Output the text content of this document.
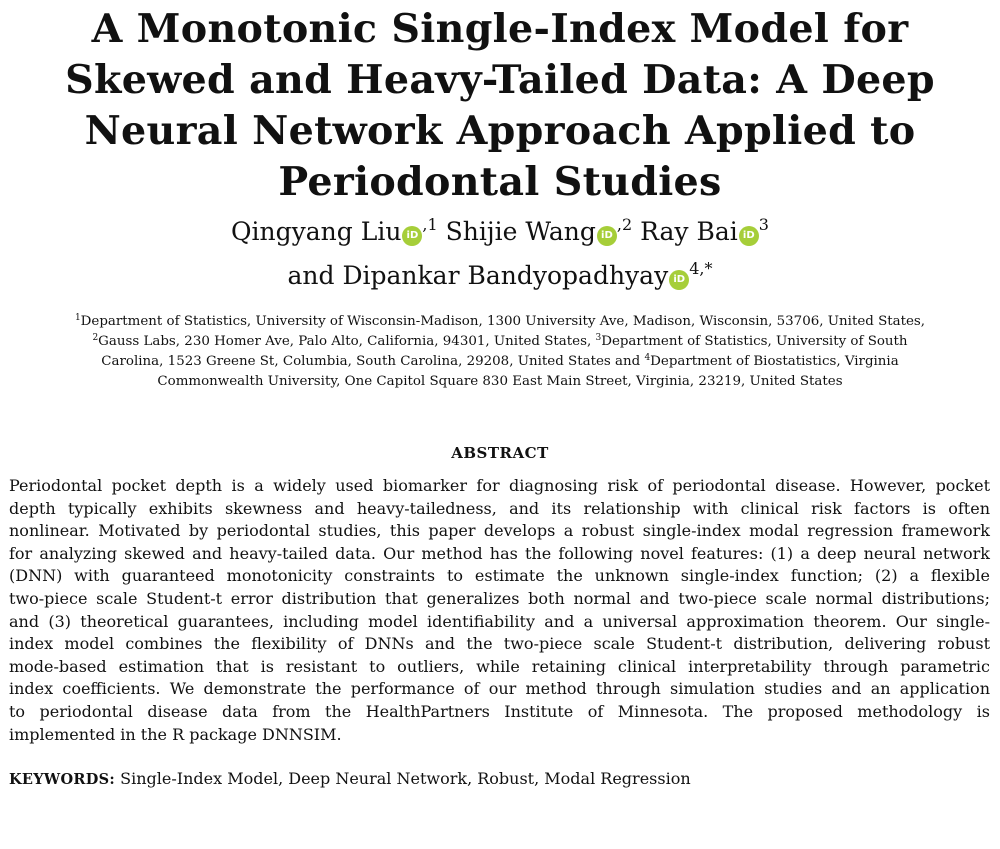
A Monotonic Single-Index Model for
Skewed and Heavy-Tailed Data: A Deep
Neural Network Approach Applied to
Periodontal Studies
Qingyang Liu $iD^{,1}$ Shijie Wang $iD^{,2}$ Ray Bai $iD^3$
and Dipankar Bandyopadhyay $iD^{4,*}$
$^1$Department of Statistics, University of Wisconsin-Madison, 1300 University Ave, Madison, Wisconsin, 53706, United States,
$^2$Gauss Labs, 230 Homer Ave, Palo Alto, California, 94301, United States, $^3$Department of Statistics, University of South
Carolina, 1523 Greene St, Columbia, South Carolina, 29208, United States and $^4$Department of Biostatistics, Virginia
Commonwealth University, One Capitol Square 830 East Main Street, Virginia, 23219, United States
ABSTRACT
Periodontal pocket depth is a widely used biomarker for diagnosing risk of periodontal disease. However, pocket
depth typically exhibits skewness and heavy-tailedness, and its relationship with clinical risk factors is often
nonlinear. Motivated by periodontal studies, this paper develops a robust single-index modal regression framework
for analyzing skewed and heavy-tailed data. Our method has the following novel features: (1) a deep neural network
(DNN) with guaranteed monotonicity constraints to estimate the unknown single-index function; (2) a flexible
two-piece scale Student-t error distribution that generalizes both normal and two-piece scale normal distributions;
and (3) theoretical guarantees, including model identifiability and a universal approximation theorem. Our single-
index model combines the flexibility of DNNs and the two-piece scale Student-t distribution, delivering robust
mode-based estimation that is resistant to outliers, while retaining clinical interpretability through parametric
index coefficients. We demonstrate the performance of our method through simulation studies and an application
to periodontal disease data from the HealthPartners Institute of Minnesota. The proposed methodology is
implemented in the R package DNNSIM.
KEYWORDS: Single-Index Model, Deep Neural Network, Robust, Modal Regression
